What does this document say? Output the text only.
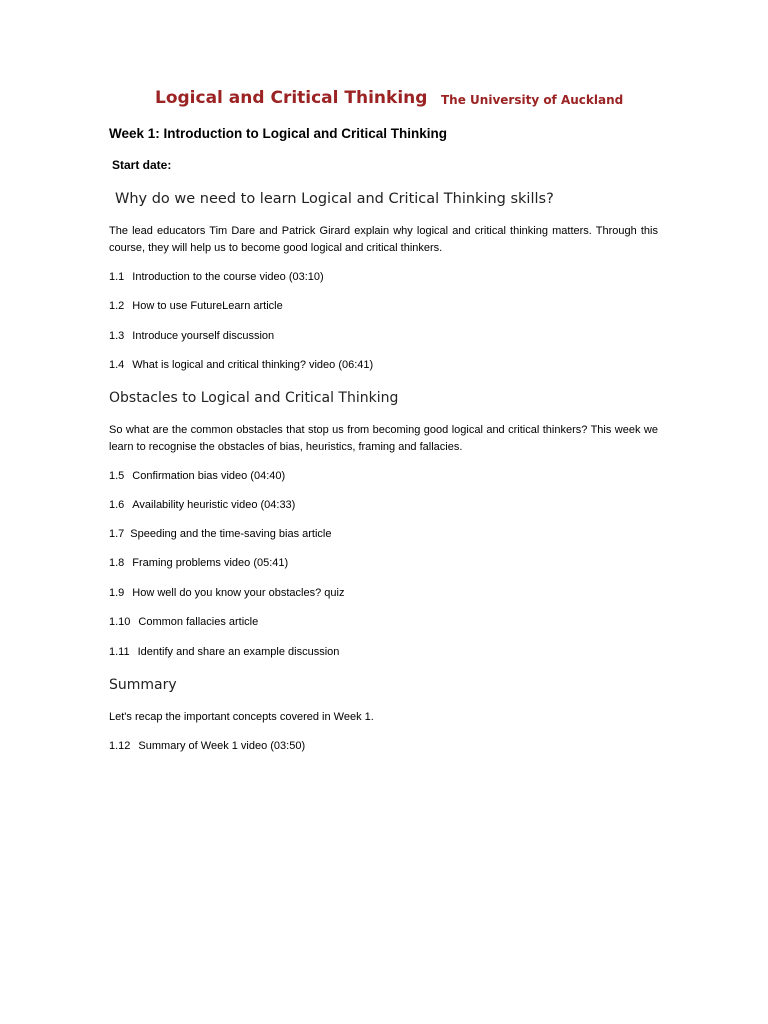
Logical and Critical Thinking The University of Auckland
Week 1: Introduction to Logical and Critical Thinking
Start date:
Why do we need to learn Logical and Critical Thinking skills?
The lead educators Tim Dare and Patrick Girard explain why logical and critical thinking matters. Through this course, they will help us to become good logical and critical thinkers.
1.1 Introduction to the course video (03:10)
1.2 How to use FutureLearn article
1.3 Introduce yourself discussion
1.4 What is logical and critical thinking? video (06:41)
Obstacles to Logical and Critical Thinking
So what are the common obstacles that stop us from becoming good logical and critical thinkers? This week we learn to recognise the obstacles of bias, heuristics, framing and fallacies.
1.5 Confirmation bias video (04:40)
1.6 Availability heuristic video (04:33)
1.7 Speeding and the time-saving bias article
1.8 Framing problems video (05:41)
1.9 How well do you know your obstacles? quiz
1.10 Common fallacies article
1.11 Identify and share an example discussion
Summary
Let's recap the important concepts covered in Week 1.
1.12 Summary of Week 1 video (03:50)
